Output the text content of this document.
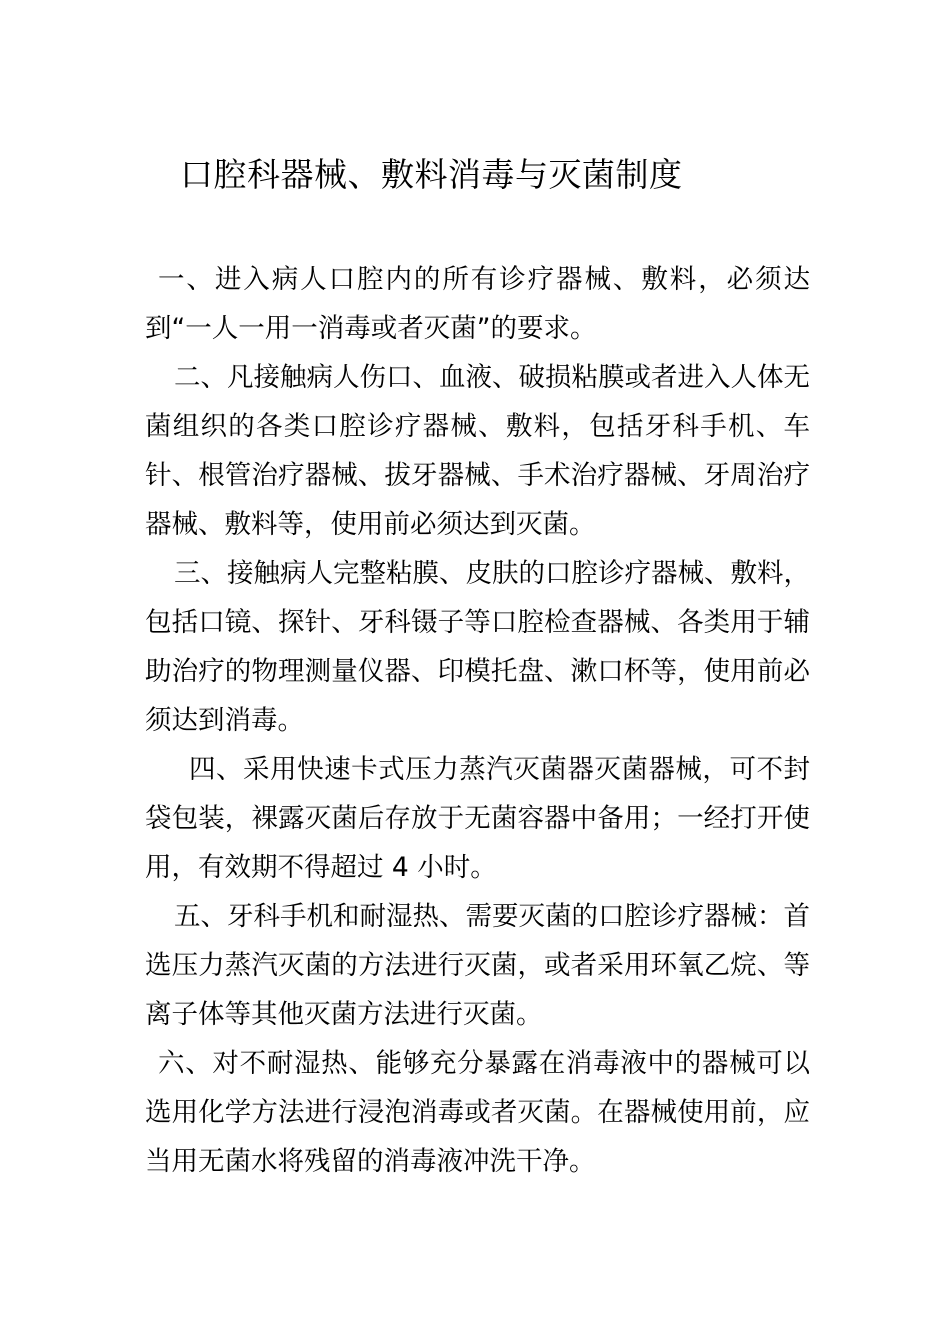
口腔科器械、敷料消毒与灭菌制度

一、进入病人口腔内的所有诊疗器械、敷料，必须达到“一人一用一消毒或者灭菌”的要求。

二、凡接触病人伤口、血液、破损粘膜或者进入人体无菌组织的各类口腔诊疗器械、敷料，包括牙科手机、车针、根管治疗器械、拔牙器械、手术治疗器械、牙周治疗器械、敷料等，使用前必须达到灭菌。

三、接触病人完整粘膜、皮肤的口腔诊疗器械、敷料，包括口镜、探针、牙科镊子等口腔检查器械、各类用于辅助治疗的物理测量仪器、印模托盘、漱口杯等，使用前必须达到消毒。

四、采用快速卡式压力蒸汽灭菌器灭菌器械，可不封袋包装，裸露灭菌后存放于无菌容器中备用；一经打开使用，有效期不得超过 4 小时。

五、牙科手机和耐湿热、需要灭菌的口腔诊疗器械：首选压力蒸汽灭菌的方法进行灭菌，或者采用环氧乙烷、等离子体等其他灭菌方法进行灭菌。

六、对不耐湿热、能够充分暴露在消毒液中的器械可以选用化学方法进行浸泡消毒或者灭菌。在器械使用前，应当用无菌水将残留的消毒液冲洗干净。
